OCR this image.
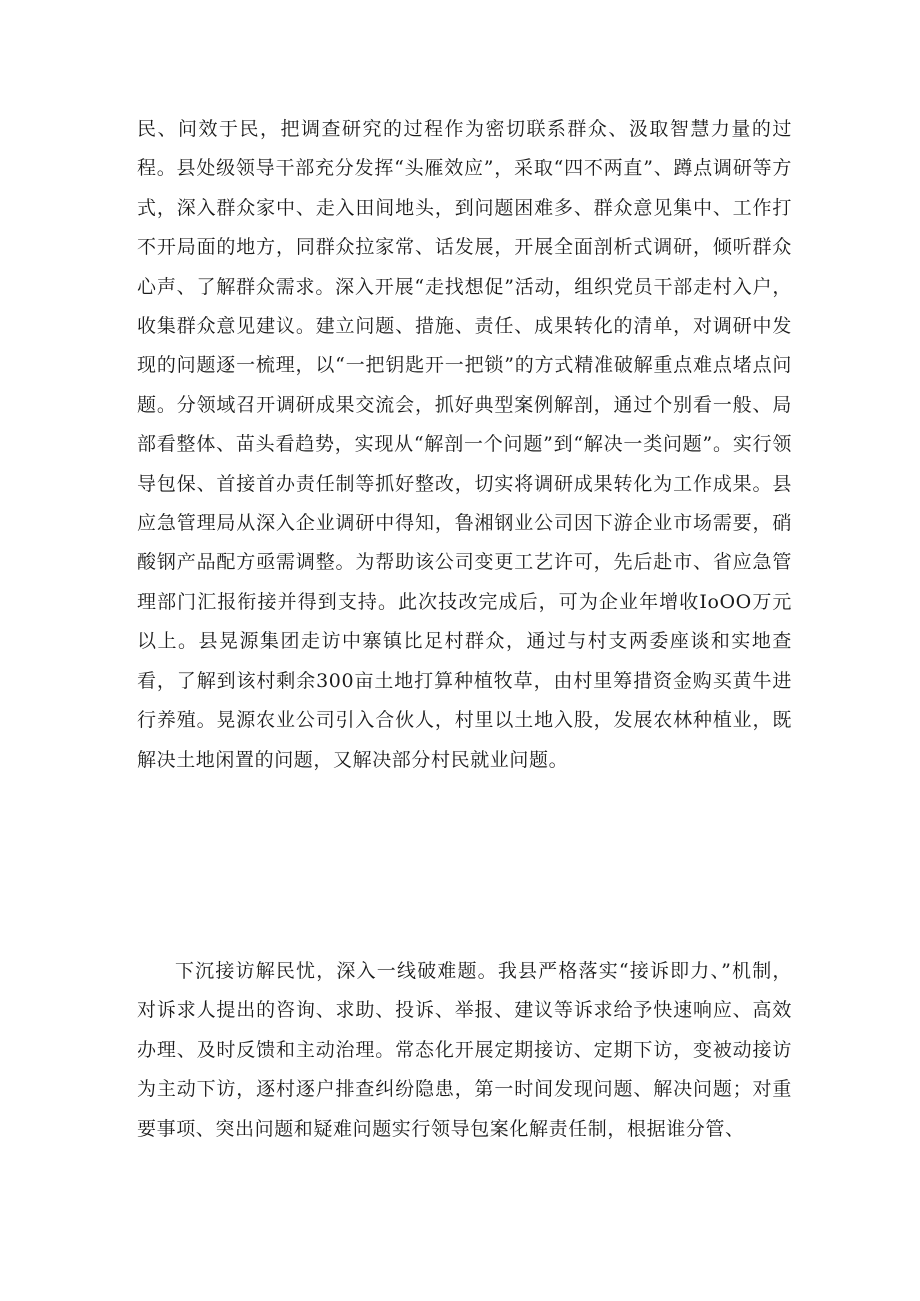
民、问效于民，把调查研究的过程作为密切联系群众、汲取智慧力量的过程。县处级领导干部充分发挥“头雁效应”，采取“四不两直”、蹲点调研等方式，深入群众家中、走入田间地头，到问题困难多、群众意见集中、工作打不开局面的地方，同群众拉家常、话发展，开展全面剖析式调研，倾听群众心声、了解群众需求。深入开展“走找想促”活动，组织党员干部走村入户，收集群众意见建议。建立问题、措施、责任、成果转化的清单，对调研中发现的问题逐一梳理，以“一把钥匙开一把锁”的方式精准破解重点难点堵点问题。分领域召开调研成果交流会，抓好典型案例解剖，通过个别看一般、局部看整体、苗头看趋势，实现从“解剖一个问题”到“解决一类问题”。实行领导包保、首接首办责任制等抓好整改，切实将调研成果转化为工作成果。县应急管理局从深入企业调研中得知，鲁湘钢业公司因下游企业市场需要，硝酸钢产品配方亟需调整。为帮助该公司变更工艺许可，先后赴市、省应急管理部门汇报衔接并得到支持。此次技改完成后，可为企业年增收IoOO万元以上。县晃源集团走访中寨镇比足村群众，通过与村支两委座谈和实地查看，了解到该村剩余300亩土地打算种植牧草，由村里筹措资金购买黄牛进行养殖。晃源农业公司引入合伙人，村里以土地入股，发展农林种植业，既解决土地闲置的问题，又解决部分村民就业问题。

下沉接访解民忧，深入一线破难题。我县严格落实“接诉即力、”机制，对诉求人提出的咨询、求助、投诉、举报、建议等诉求给予快速响应、高效办理、及时反馈和主动治理。常态化开展定期接访、定期下访，变被动接访为主动下访，逐村逐户排查纠纷隐患，第一时间发现问题、解决问题；对重要事项、突出问题和疑难问题实行领导包案化解责任制，根据谁分管、
